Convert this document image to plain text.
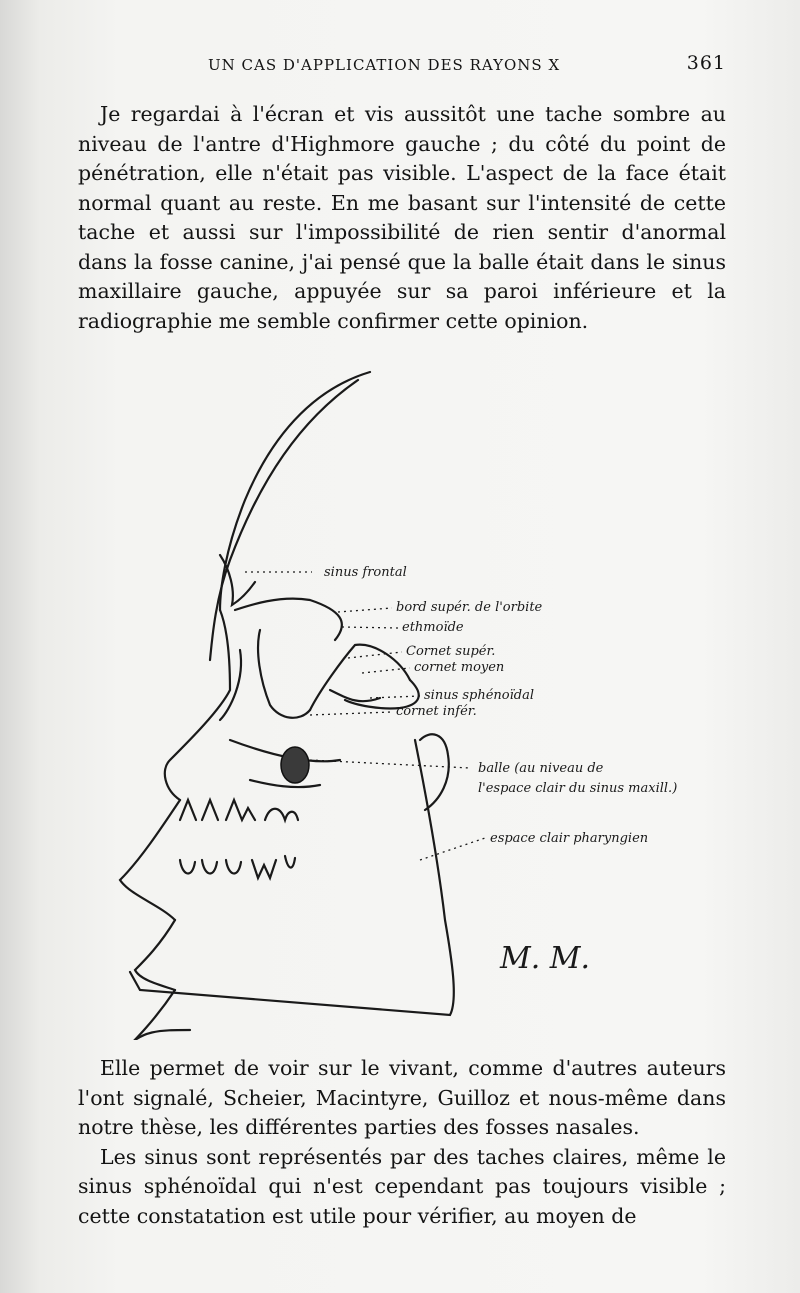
UN CAS D'APPLICATION DES RAYONS X	361

Je regardai à l'écran et vis aussitôt une tache sombre au niveau de l'antre d'Highmore gauche ; du côté du point de pénétration, elle n'était pas visible. L'aspect de la face était normal quant au reste. En me basant sur l'intensité de cette tache et aussi sur l'impossibilité de rien sentir d'anormal dans la fosse canine, j'ai pensé que la balle était dans le sinus maxillaire gauche, appuyée sur sa paroi inférieure et la radiographie me semble confirmer cette opinion.

sinus frontal
bord supér. de l'orbite
ethmoïde
Cornet supér.
cornet moyen
sinus sphénoïdal
cornet infér.
balle (au niveau de
l'espace clair du sinus maxill.)
espace clair pharyngien
M. M.

Elle permet de voir sur le vivant, comme d'autres auteurs l'ont signalé, Scheier, Macintyre, Guilloz et nous-même dans notre thèse, les différentes parties des fosses nasales.

Les sinus sont représentés par des taches claires, même le sinus sphénoïdal qui n'est cependant pas toujours visible ; cette constatation est utile pour vérifier, au moyen de
